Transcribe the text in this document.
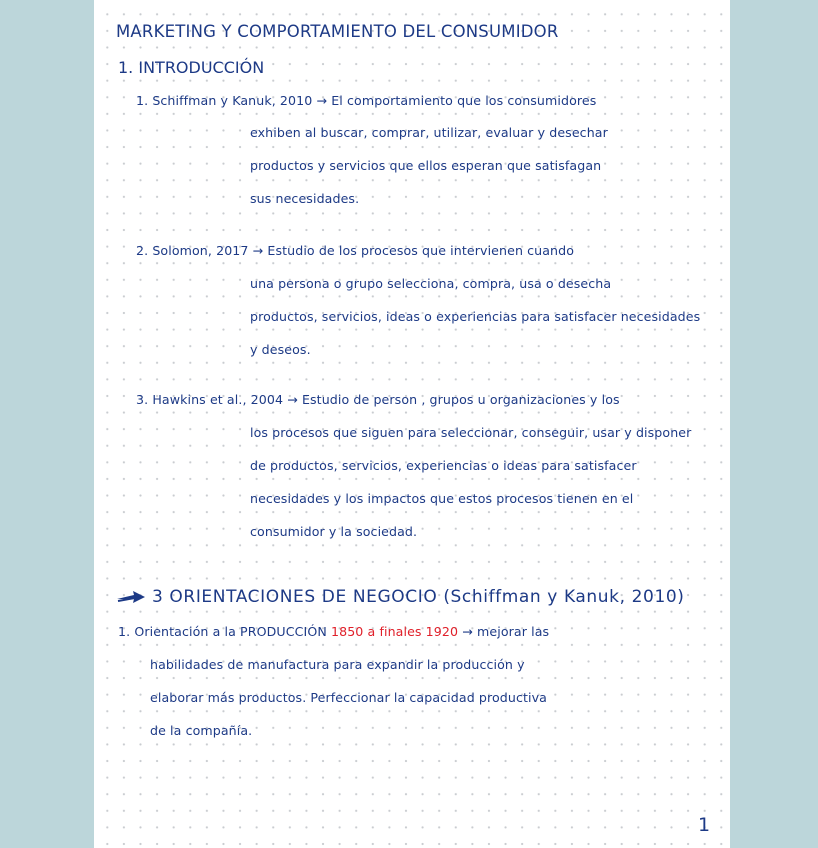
MARKETING Y COMPORTAMIENTO DEL CONSUMIDOR
1. INTRODUCCIÓN
1. Schiffman y Kanuk, 2010 → El comportamiento que los consumidores
exhiben al buscar, comprar, utilizar, evaluar y desechar
productos y servicios que ellos esperan que satisfagan
sus necesidades.
2. Solomon, 2017 → Estudio de los procesos que intervienen cuando
una persona o grupo selecciona, compra, usa o desecha
productos, servicios, ideas o experiencias para satisfacer necesidades
y deseos.
3. Hawkins et al., 2004 → Estudio de person , grupos u organizaciones y los
los procesos que siguen para seleccionar, conseguir, usar y disponer
de productos, servicios, experiencias o ideas para satisfacer
necesidades y los impactos que estos procesos tienen en el
consumidor y la sociedad.
3 ORIENTACIONES DE NEGOCIO (Schiffman y Kanuk, 2010)
1. Orientación a la PRODUCCIÓN 1850 a finales 1920 → mejorar las
habilidades de manufactura para expandir la producción y
elaborar más productos. Perfeccionar la capacidad productiva
de la compañía.
1
